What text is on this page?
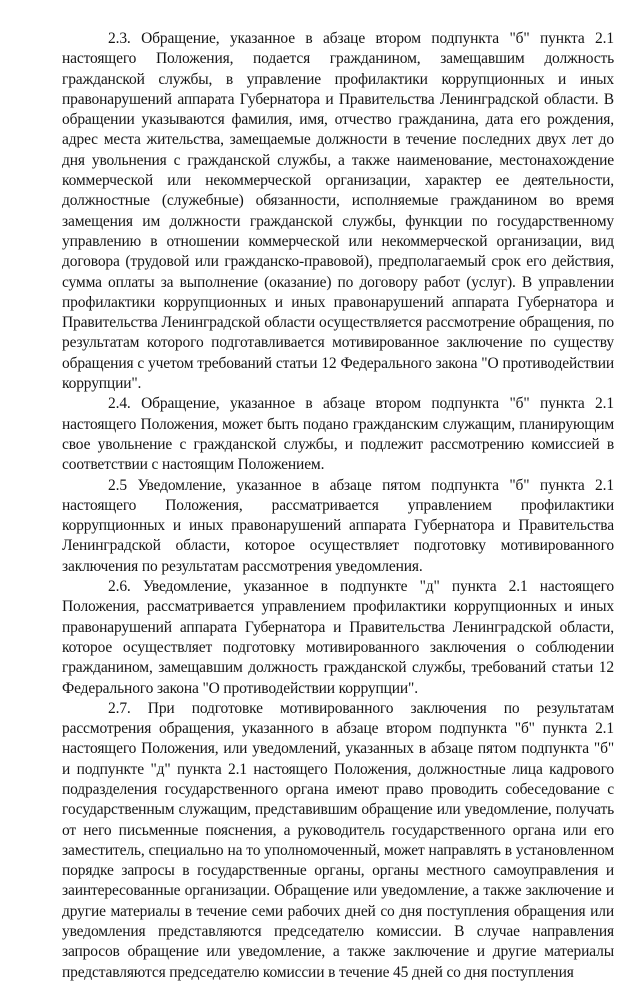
2.3. Обращение, указанное в абзаце втором подпункта "б" пункта 2.1 настоящего Положения, подается гражданином, замещавшим должность гражданской службы, в управление профилактики коррупционных и иных правонарушений аппарата Губернатора и Правительства Ленинградской области. В обращении указываются фамилия, имя, отчество гражданина, дата его рождения, адрес места жительства, замещаемые должности в течение последних двух лет до дня увольнения с гражданской службы, а также наименование, местонахождение коммерческой или некоммерческой организации, характер ее деятельности, должностные (служебные) обязанности, исполняемые гражданином во время замещения им должности гражданской службы, функции по государственному управлению в отношении коммерческой или некоммерческой организации, вид договора (трудовой или гражданско-правовой), предполагаемый срок его действия, сумма оплаты за выполнение (оказание) по договору работ (услуг). В управлении профилактики коррупционных и иных правонарушений аппарата Губернатора и Правительства Ленинградской области осуществляется рассмотрение обращения, по результатам которого подготавливается мотивированное заключение по существу обращения с учетом требований статьи 12 Федерального закона "О противодействии коррупции".

2.4. Обращение, указанное в абзаце втором подпункта "б" пункта 2.1 настоящего Положения, может быть подано гражданским служащим, планирующим свое увольнение с гражданской службы, и подлежит рассмотрению комиссией в соответствии с настоящим Положением.

2.5 Уведомление, указанное в абзаце пятом подпункта "б" пункта 2.1 настоящего Положения, рассматривается управлением профилактики коррупционных и иных правонарушений аппарата Губернатора и Правительства Ленинградской области, которое осуществляет подготовку мотивированного заключения по результатам рассмотрения уведомления.

2.6. Уведомление, указанное в подпункте "д" пункта 2.1 настоящего Положения, рассматривается управлением профилактики коррупционных и иных правонарушений аппарата Губернатора и Правительства Ленинградской области, которое осуществляет подготовку мотивированного заключения о соблюдении гражданином, замещавшим должность гражданской службы, требований статьи 12 Федерального закона "О противодействии коррупции".

2.7. При подготовке мотивированного заключения по результатам рассмотрения обращения, указанного в абзаце втором подпункта "б" пункта 2.1 настоящего Положения, или уведомлений, указанных в абзаце пятом подпункта "б" и подпункте "д" пункта 2.1 настоящего Положения, должностные лица кадрового подразделения государственного органа имеют право проводить собеседование с государственным служащим, представившим обращение или уведомление, получать от него письменные пояснения, а руководитель государственного органа или его заместитель, специально на то уполномоченный, может направлять в установленном порядке запросы в государственные органы, органы местного самоуправления и заинтересованные организации. Обращение или уведомление, а также заключение и другие материалы в течение семи рабочих дней со дня поступления обращения или уведомления представляются председателю комиссии. В случае направления запросов обращение или уведомление, а также заключение и другие материалы представляются председателю комиссии в течение 45 дней со дня поступления
